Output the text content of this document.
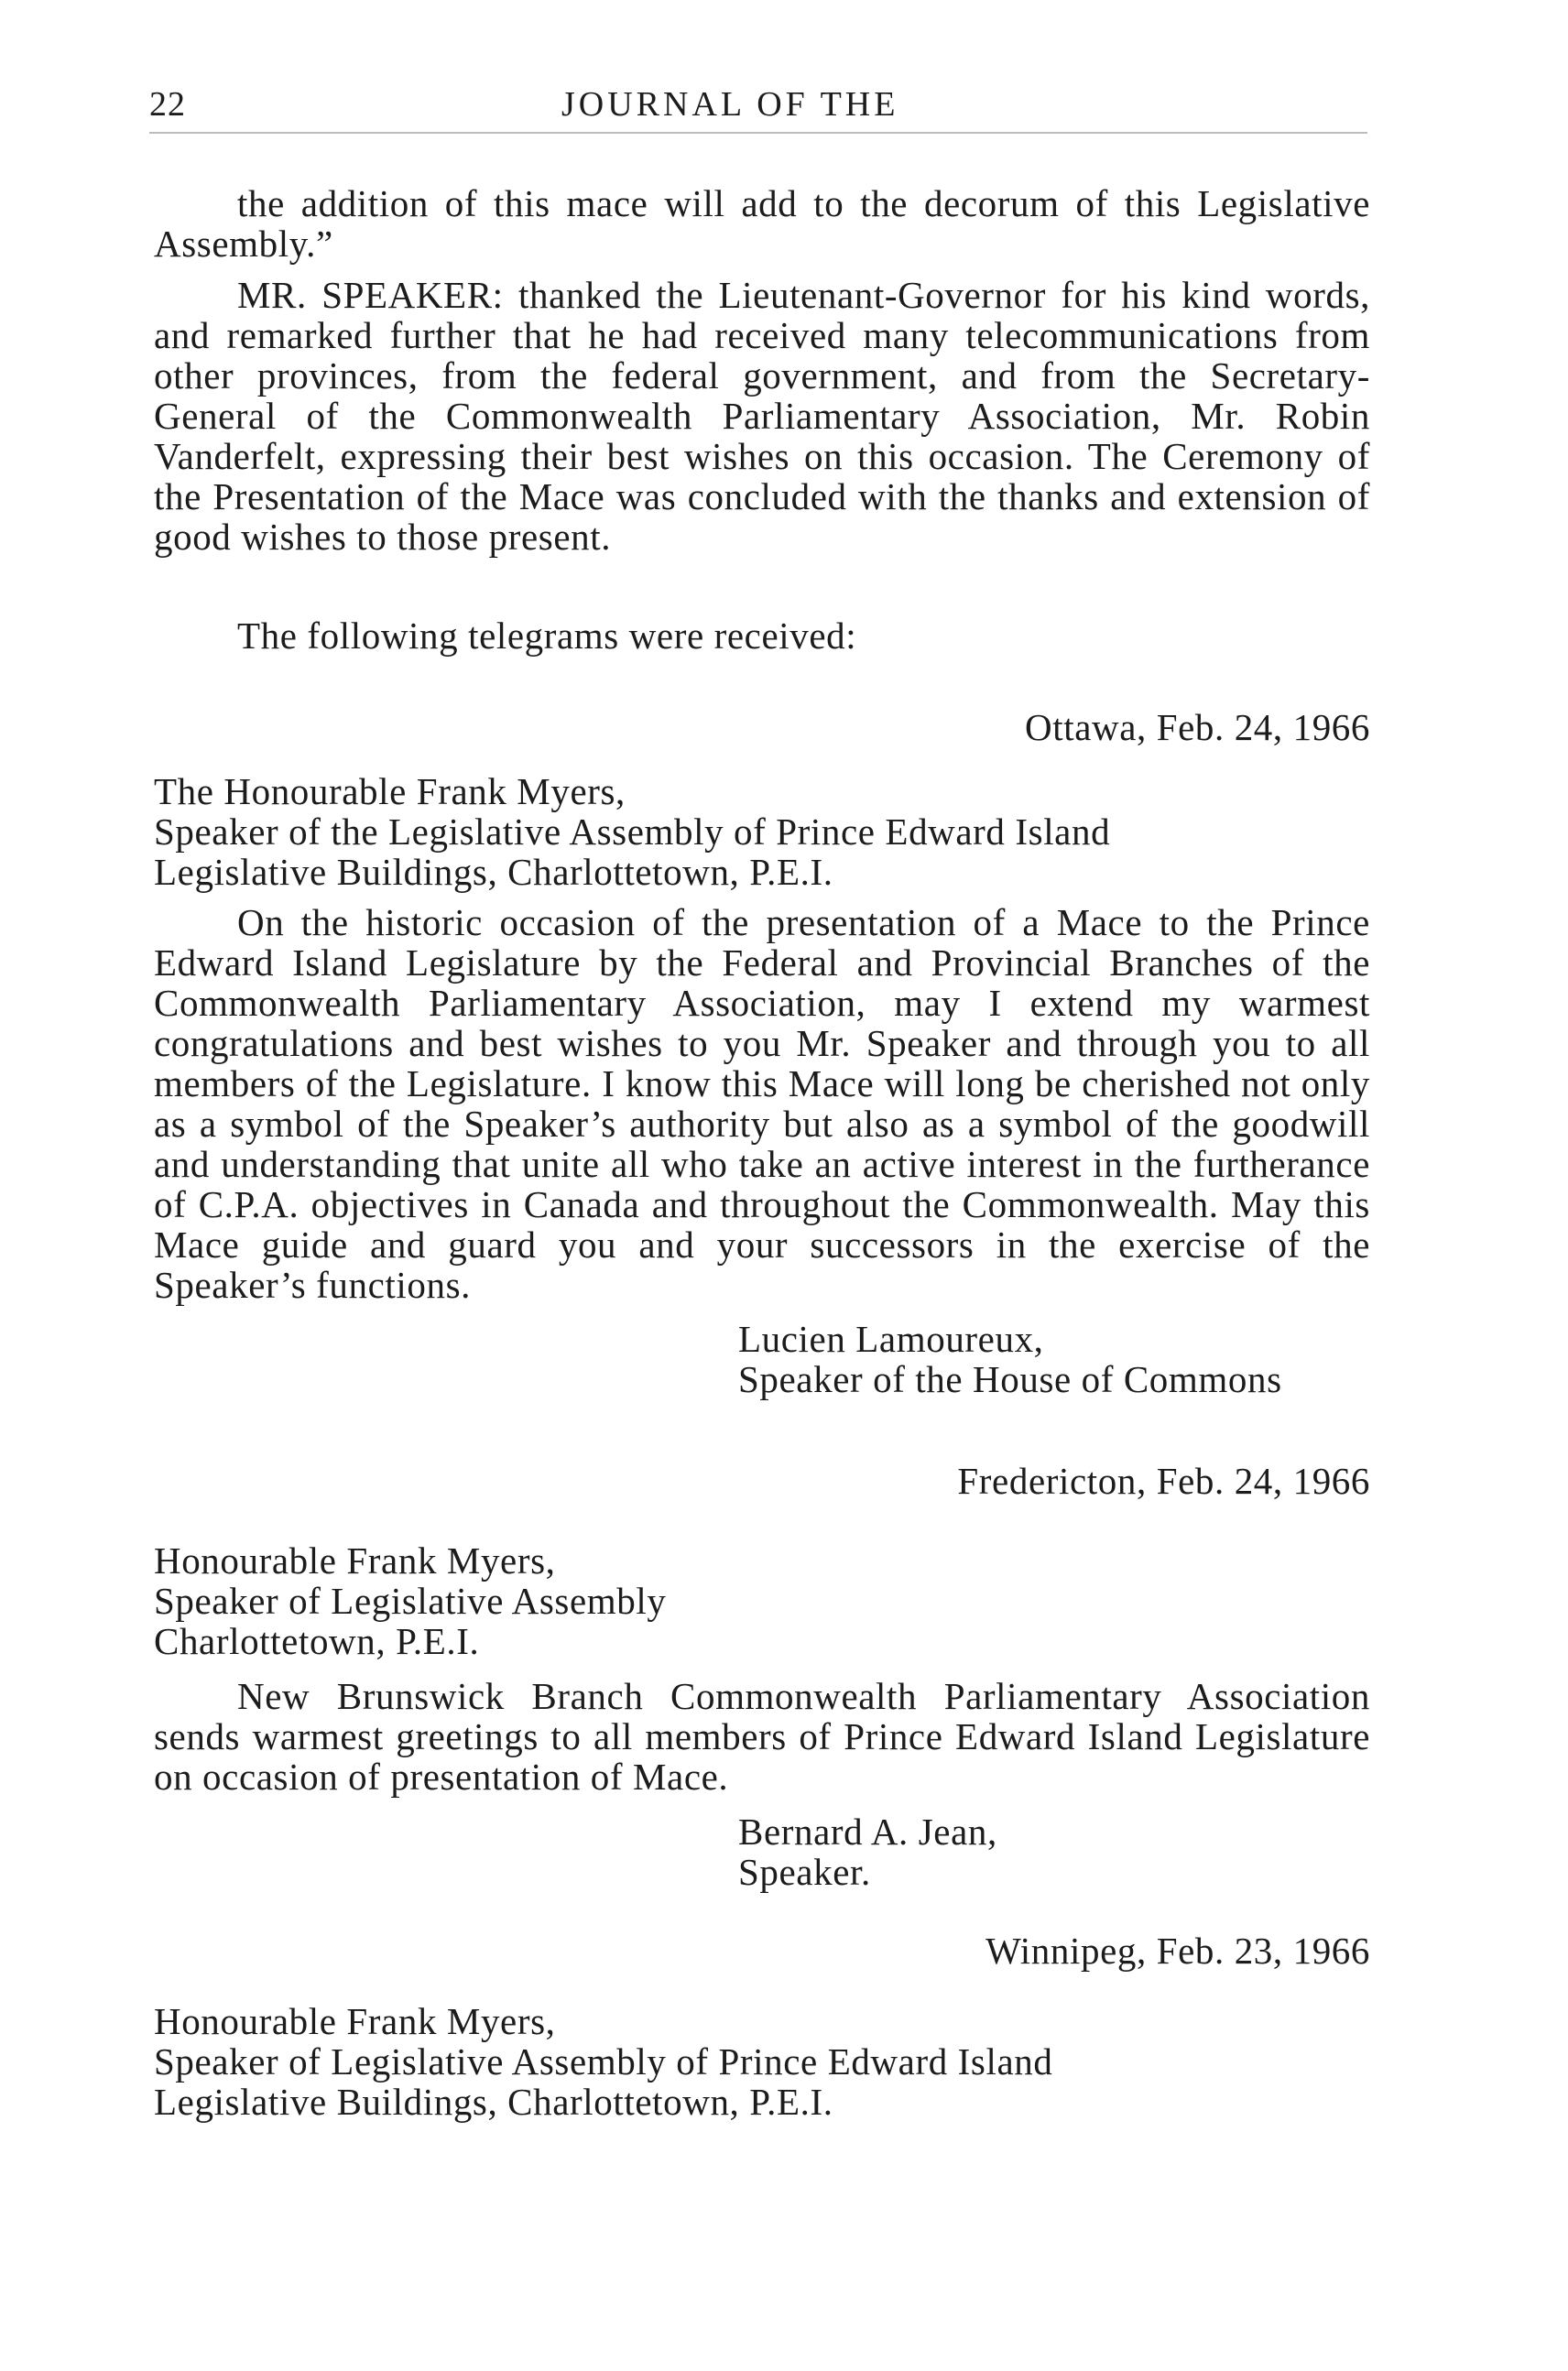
22	JOURNAL OF THE
the addition of this mace will add to the decorum of this Legislative Assembly.”
MR. SPEAKER: thanked the Lieutenant-Governor for his kind words, and remarked further that he had received many telecommunications from other provinces, from the federal government, and from the Secretary-General of the Commonwealth Parliamentary Association, Mr. Robin Vanderfelt, expressing their best wishes on this occasion. The Ceremony of the Presentation of the Mace was concluded with the thanks and extension of good wishes to those present.
The following telegrams were received:
Ottawa, Feb. 24, 1966
The Honourable Frank Myers,
Speaker of the Legislative Assembly of Prince Edward Island
Legislative Buildings, Charlottetown, P.E.I.
On the historic occasion of the presentation of a Mace to the Prince Edward Island Legislature by the Federal and Provincial Branches of the Commonwealth Parliamentary Association, may I extend my warmest congratulations and best wishes to you Mr. Speaker and through you to all members of the Legislature. I know this Mace will long be cherished not only as a symbol of the Speaker’s authority but also as a symbol of the goodwill and understanding that unite all who take an active interest in the furtherance of C.P.A. objectives in Canada and throughout the Commonwealth. May this Mace guide and guard you and your successors in the exercise of the Speaker’s functions.
Lucien Lamoureux,
Speaker of the House of Commons
Fredericton, Feb. 24, 1966
Honourable Frank Myers,
Speaker of Legislative Assembly
Charlottetown, P.E.I.
New Brunswick Branch Commonwealth Parliamentary Association sends warmest greetings to all members of Prince Edward Island Legislature on occasion of presentation of Mace.
Bernard A. Jean,
Speaker.
Winnipeg, Feb. 23, 1966
Honourable Frank Myers,
Speaker of Legislative Assembly of Prince Edward Island
Legislative Buildings, Charlottetown, P.E.I.
